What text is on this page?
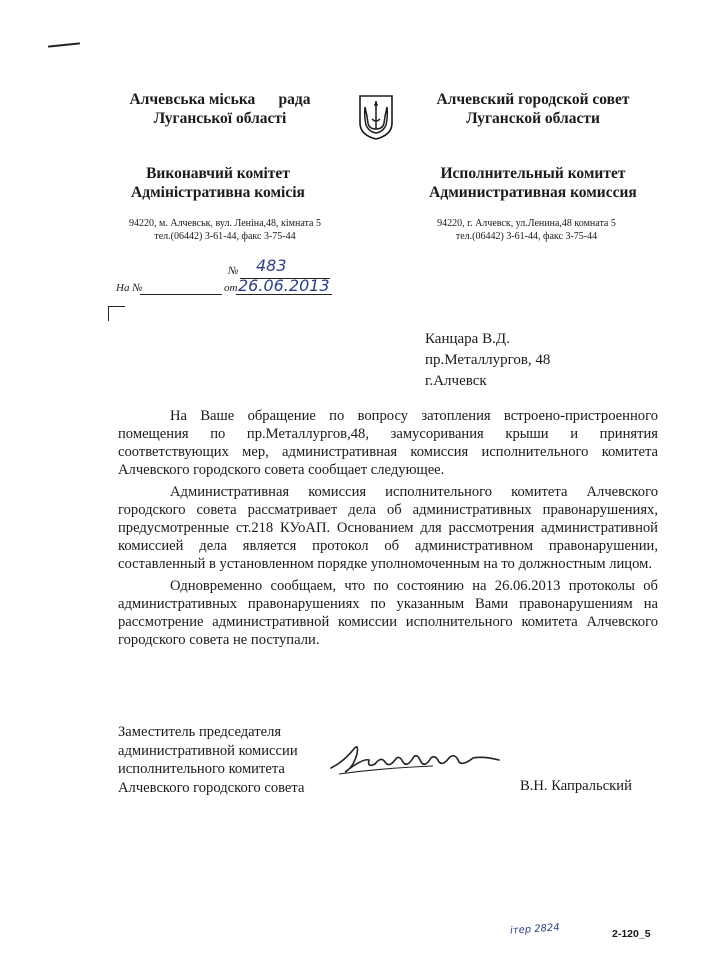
Алчевська міська      рада
Луганської області
Алчевский городской совет
Луганской области
Виконавчий комітет
Адміністративна комісія
Исполнительный комитет
Административная комиссия
94220, м. Алчевськ, вул. Леніна,48, кімната 5
тел.(06442) 3-61-44, факс 3-75-44
94220, г. Алчевск, ул.Ленина,48 комната 5
тел.(06442) 3-61-44, факс 3-75-44
№ 483
На №	от 26.06.2013
Канцара В.Д.
пр.Металлургов, 48
г.Алчевск

На Ваше обращение по вопросу затопления встроено-пристроенного помещения по пр.Металлургов,48, замусоривания крыши и принятия соответствующих мер, административная комиссия исполнительного комитета Алчевского городского совета сообщает следующее.

Административная комиссия исполнительного комитета Алчевского городского совета рассматривает дела об административных правонарушениях, предусмотренные ст.218 КУоАП. Основанием для рассмотрения административной комиссией дела является протокол об административном правонарушении, составленный в установленном порядке уполномоченным на то должностным лицом.

Одновременно сообщаем, что по состоянию на 26.06.2013 протоколы об административных правонарушениях по указанным Вами правонарушениям на рассмотрение административной комиссии исполнительного комитета Алчевского городского совета не поступали.

Заместитель председателя
административной комиссии
исполнительного комитета
Алчевского городского совета	В.Н. Капральский
ітер 2824	2-120_5
